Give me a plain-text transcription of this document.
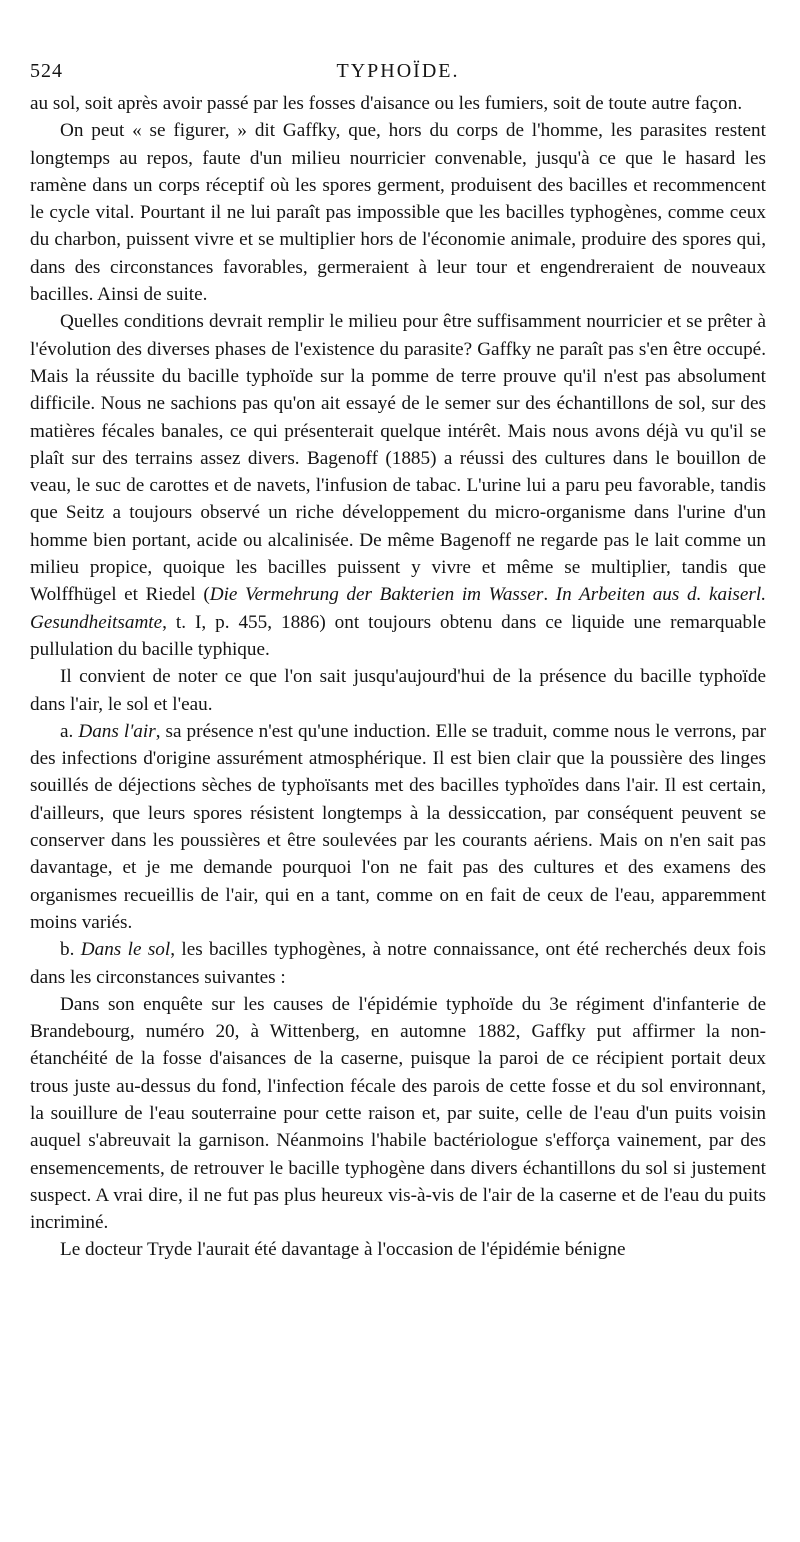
524	TYPHOÏDE.

au sol, soit après avoir passé par les fosses d'aisance ou les fumiers, soit de toute autre façon.

On peut « se figurer, » dit Gaffky, que, hors du corps de l'homme, les parasites restent longtemps au repos, faute d'un milieu nourricier convenable, jusqu'à ce que le hasard les ramène dans un corps réceptif où les spores germent, produisent des bacilles et recommencent le cycle vital. Pourtant il ne lui paraît pas impossible que les bacilles typhogènes, comme ceux du charbon, puissent vivre et se multiplier hors de l'économie animale, produire des spores qui, dans des circonstances favorables, germeraient à leur tour et engendreraient de nouveaux bacilles. Ainsi de suite.

Quelles conditions devrait remplir le milieu pour être suffisamment nourricier et se prêter à l'évolution des diverses phases de l'existence du parasite? Gaffky ne paraît pas s'en être occupé. Mais la réussite du bacille typhoïde sur la pomme de terre prouve qu'il n'est pas absolument difficile. Nous ne sachions pas qu'on ait essayé de le semer sur des échantillons de sol, sur des matières fécales banales, ce qui présenterait quelque intérêt. Mais nous avons déjà vu qu'il se plaît sur des terrains assez divers. Bagenoff (1885) a réussi des cultures dans le bouillon de veau, le suc de carottes et de navets, l'infusion de tabac. L'urine lui a paru peu favorable, tandis que Seitz a toujours observé un riche développement du micro-organisme dans l'urine d'un homme bien portant, acide ou alcalinisée. De même Bagenoff ne regarde pas le lait comme un milieu propice, quoique les bacilles puissent y vivre et même se multiplier, tandis que Wolffhügel et Riedel (Die Vermehrung der Bakterien im Wasser. In Arbeiten aus d. kaiserl. Gesundheitsamte, t. I, p. 455, 1886) ont toujours obtenu dans ce liquide une remarquable pullulation du bacille typhique.

Il convient de noter ce que l'on sait jusqu'aujourd'hui de la présence du bacille typhoïde dans l'air, le sol et l'eau.

a. Dans l'air, sa présence n'est qu'une induction. Elle se traduit, comme nous le verrons, par des infections d'origine assurément atmosphérique. Il est bien clair que la poussière des linges souillés de déjections sèches de typhoïsants met des bacilles typhoïdes dans l'air. Il est certain, d'ailleurs, que leurs spores résistent longtemps à la dessiccation, par conséquent peuvent se conserver dans les poussières et être soulevées par les courants aériens. Mais on n'en sait pas davantage, et je me demande pourquoi l'on ne fait pas des cultures et des examens des organismes recueillis de l'air, qui en a tant, comme on en fait de ceux de l'eau, apparemment moins variés.

b. Dans le sol, les bacilles typhogènes, à notre connaissance, ont été recherchés deux fois dans les circonstances suivantes :

Dans son enquête sur les causes de l'épidémie typhoïde du 3e régiment d'infanterie de Brandebourg, numéro 20, à Wittenberg, en automne 1882, Gaffky put affirmer la non-étanchéité de la fosse d'aisances de la caserne, puisque la paroi de ce récipient portait deux trous juste au-dessus du fond, l'infection fécale des parois de cette fosse et du sol environnant, la souillure de l'eau souterraine pour cette raison et, par suite, celle de l'eau d'un puits voisin auquel s'abreuvait la garnison. Néanmoins l'habile bactériologue s'efforça vainement, par des ensemencements, de retrouver le bacille typhogène dans divers échantillons du sol si justement suspect. A vrai dire, il ne fut pas plus heureux vis-à-vis de l'air de la caserne et de l'eau du puits incriminé.

Le docteur Tryde l'aurait été davantage à l'occasion de l'épidémie bénigne
